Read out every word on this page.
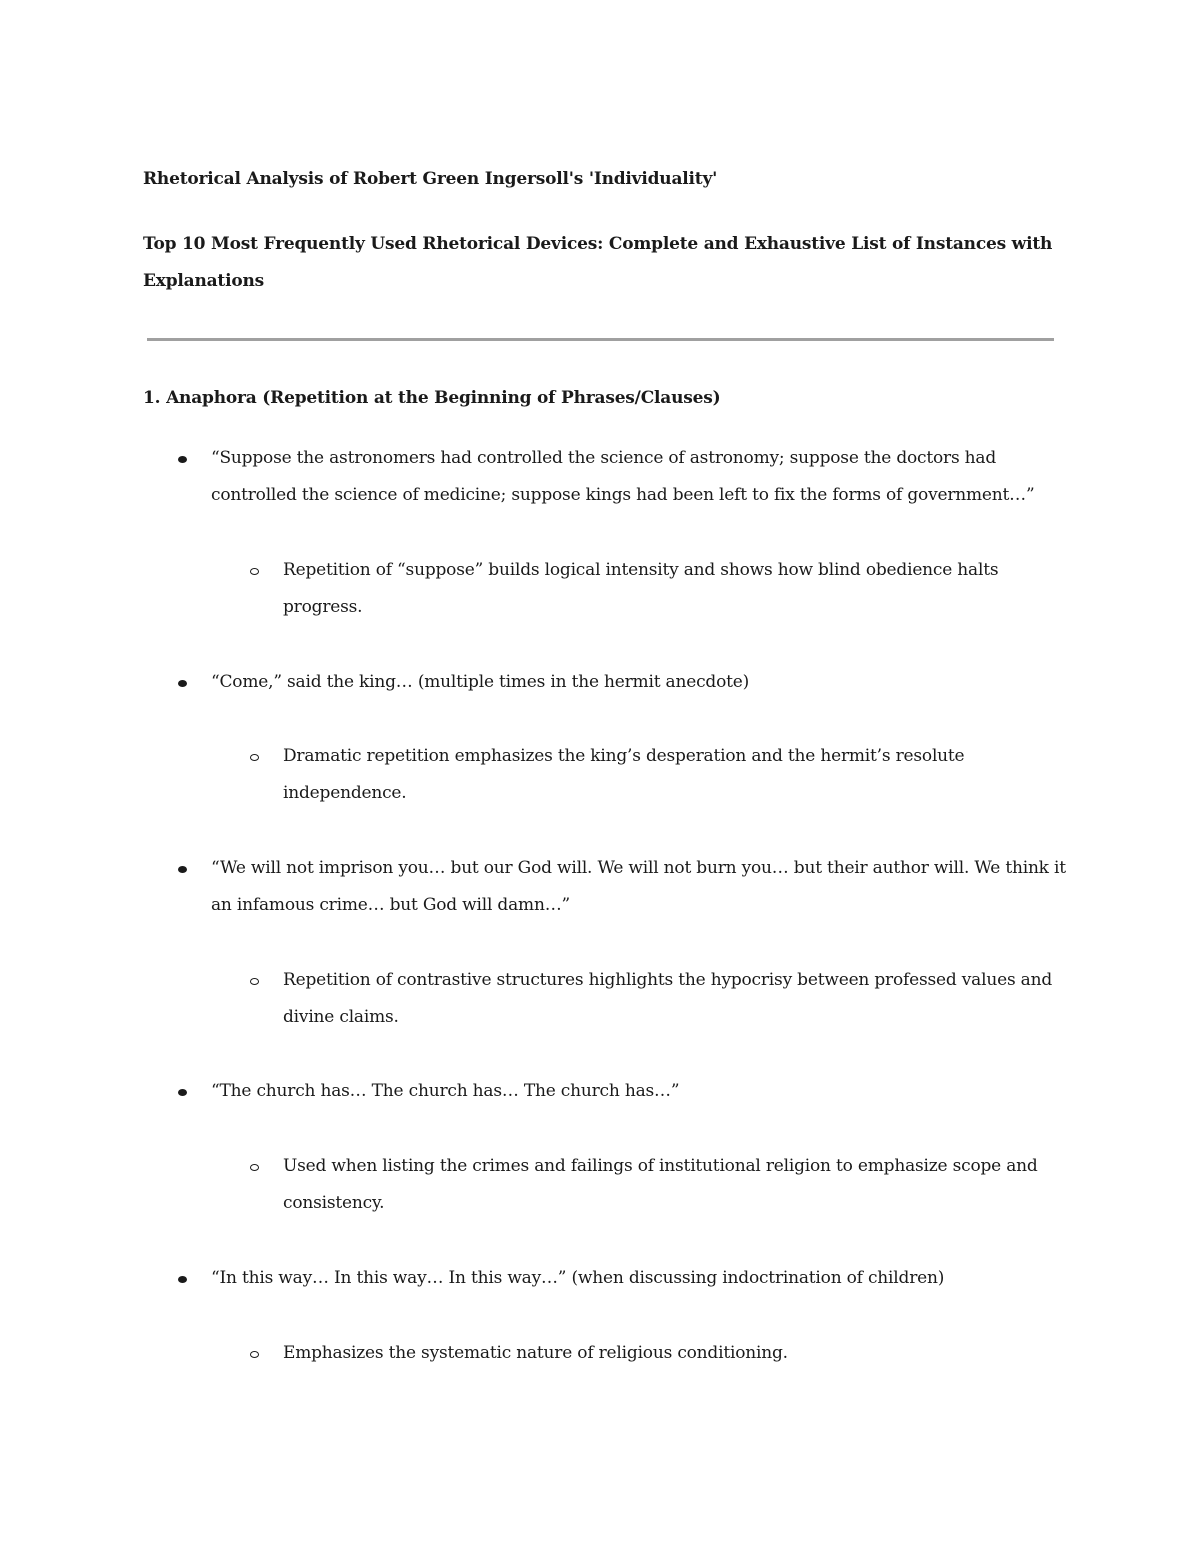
Rhetorical Analysis of Robert Green Ingersoll's 'Individuality'
Top 10 Most Frequently Used Rhetorical Devices: Complete and Exhaustive List of Instances with Explanations
1. Anaphora (Repetition at the Beginning of Phrases/Clauses)
“Suppose the astronomers had controlled the science of astronomy; suppose the doctors had controlled the science of medicine; suppose kings had been left to fix the forms of government…”
Repetition of “suppose” builds logical intensity and shows how blind obedience halts progress.
“Come,” said the king… (multiple times in the hermit anecdote)
Dramatic repetition emphasizes the king’s desperation and the hermit’s resolute independence.
“We will not imprison you… but our God will. We will not burn you… but their author will. We think it an infamous crime… but God will damn…”
Repetition of contrastive structures highlights the hypocrisy between professed values and divine claims.
“The church has… The church has… The church has…”
Used when listing the crimes and failings of institutional religion to emphasize scope and consistency.
“In this way… In this way… In this way…” (when discussing indoctrination of children)
Emphasizes the systematic nature of religious conditioning.
